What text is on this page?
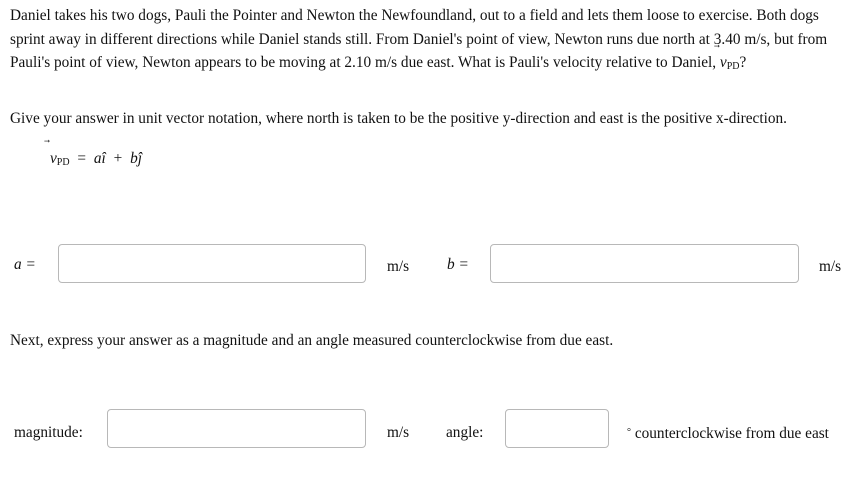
Daniel takes his two dogs, Pauli the Pointer and Newton the Newfoundland, out to a field and lets them loose to exercise. Both dogs sprint away in different directions while Daniel stands still. From Daniel's point of view, Newton runs due north at 3.40 m/s, but from Pauli's point of view, Newton appears to be moving at 2.10 m/s due east. What is Pauli's velocity relative to Daniel,
$v_{PD}$?
Give your answer in unit vector notation, where north is taken to be the positive y-direction and east is the positive x-direction.
$v_{PD}$ = aî + bĵ
a =	m/s b =	m/s
Next, express your answer as a magnitude and an angle measured counterclockwise from due east.
magnitude:	m/s angle:	° counterclockwise from due east
